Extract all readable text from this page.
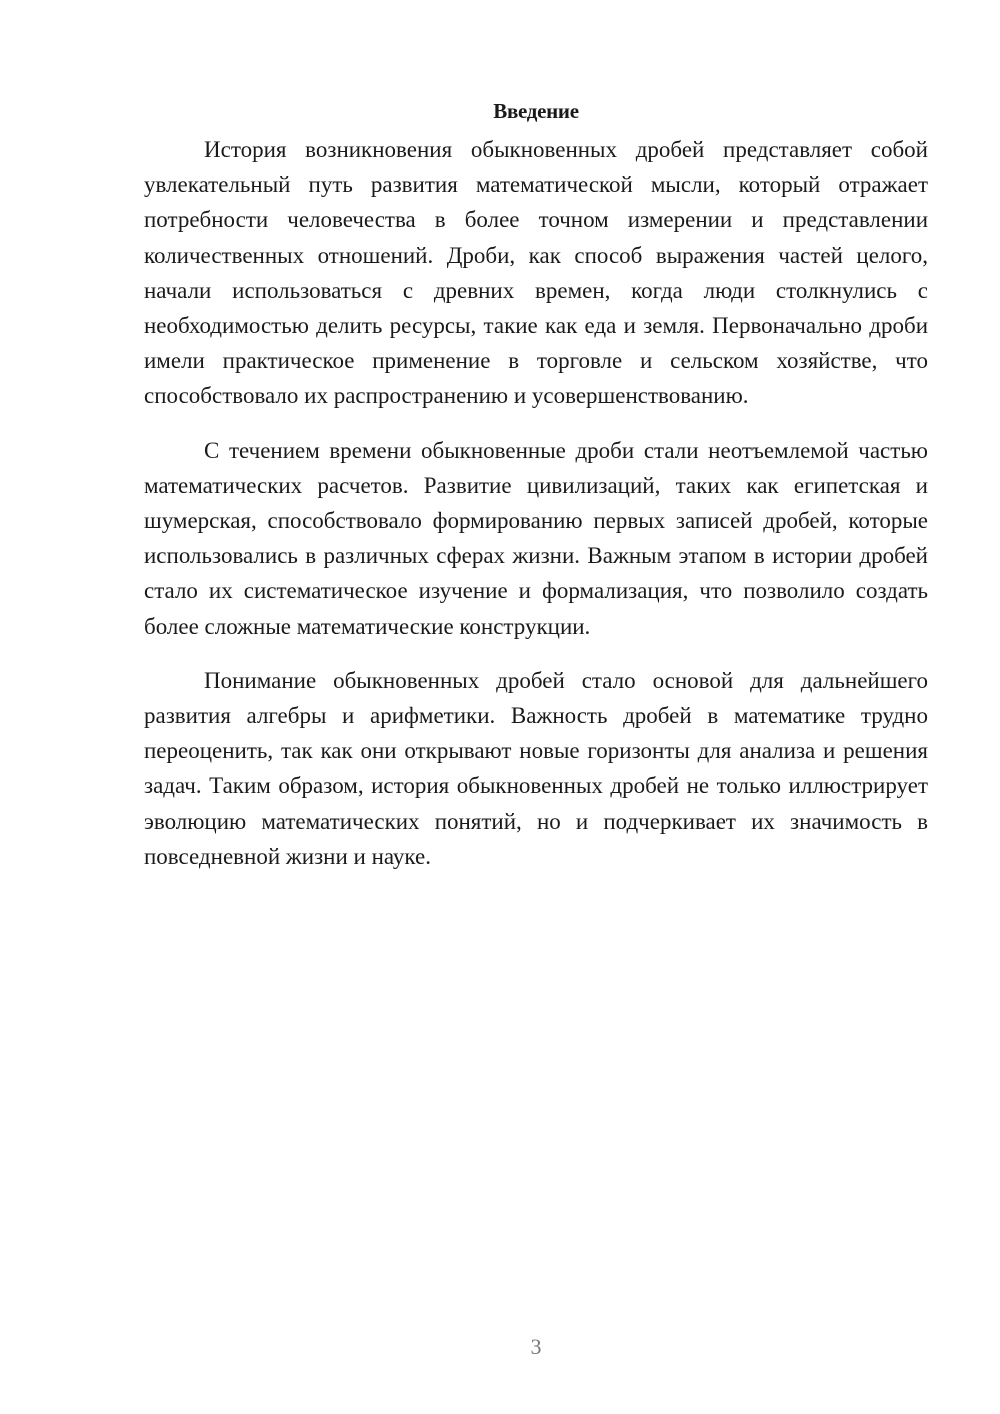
Введение

История возникновения обыкновенных дробей представляет собой увлекательный путь развития математической мысли, который отражает потребности человечества в более точном измерении и представлении количественных отношений. Дроби, как способ выражения частей целого, начали использоваться с древних времен, когда люди столкнулись с необходимостью делить ресурсы, такие как еда и земля. Первоначально дроби имели практическое применение в торговле и сельском хозяйстве, что способствовало их распространению и усовершенствованию.

С течением времени обыкновенные дроби стали неотъемлемой частью математических расчетов. Развитие цивилизаций, таких как египетская и шумерская, способствовало формированию первых записей дробей, которые использовались в различных сферах жизни. Важным этапом в истории дробей стало их систематическое изучение и формализация, что позволило создать более сложные математические конструкции.

Понимание обыкновенных дробей стало основой для дальнейшего развития алгебры и арифметики. Важность дробей в математике трудно переоценить, так как они открывают новые горизонты для анализа и решения задач. Таким образом, история обыкновенных дробей не только иллюстрирует эволюцию математических понятий, но и подчеркивает их значимость в повседневной жизни и науке.

3
